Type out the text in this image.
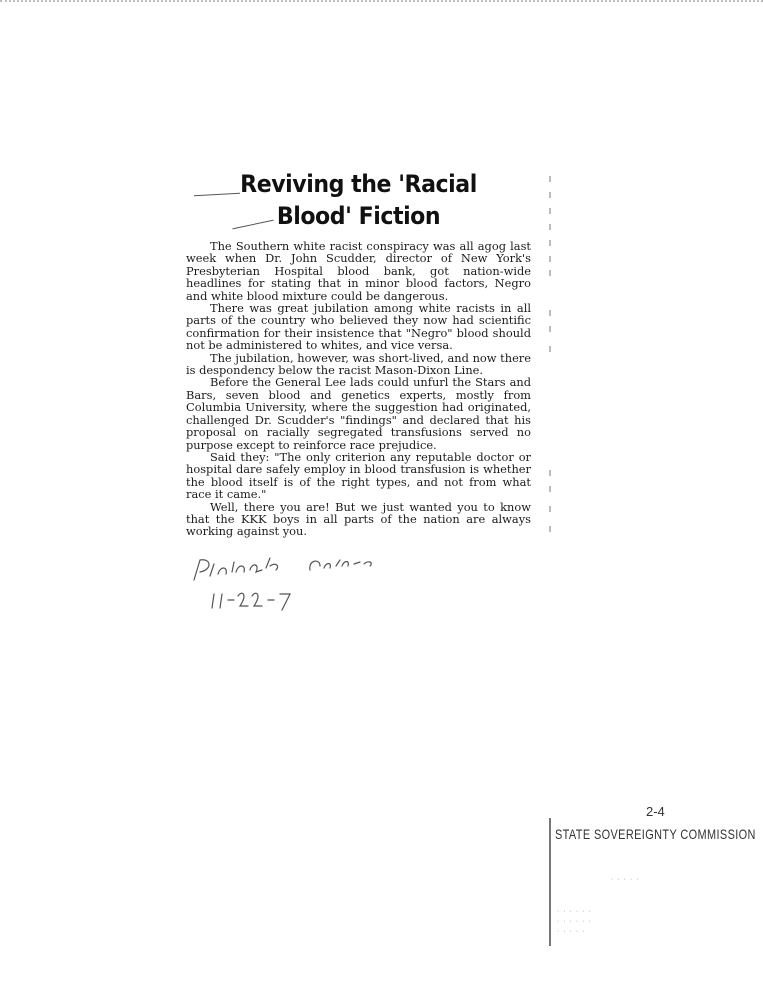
Reviving the 'Racial
Blood' Fiction

The Southern white racist conspiracy was all agog last week when Dr. John Scudder, director of New York's Presbyterian Hospital blood bank, got nation-wide headlines for stating that in minor blood factors, Negro and white blood mixture could be dangerous.

There was great jubilation among white racists in all parts of the country who believed they now had scientific confirmation for their insistence that "Negro" blood should not be administered to whites, and vice versa.

The jubilation, however, was short-lived, and now there is despondency below the racist Mason-Dixon Line.

Before the General Lee lads could unfurl the Stars and Bars, seven blood and genetics experts, mostly from Columbia University, where the suggestion had originated, challenged Dr. Scudder's "findings" and declared that his proposal on racially segregated transfusions served no purpose except to reinforce race prejudice.

Said they: "The only criterion any reputable doctor or hospital dare safely employ in blood transfusion is whether the blood itself is of the right types, and not from what race it came."

Well, there you are! But we just wanted you to know that the KKK boys in all parts of the nation are always working against you.

2-4
STATE SOVEREIGNTY COMMISSION
· · · · ·
· · · · · ·
· · · · · ·
· · · · ·
